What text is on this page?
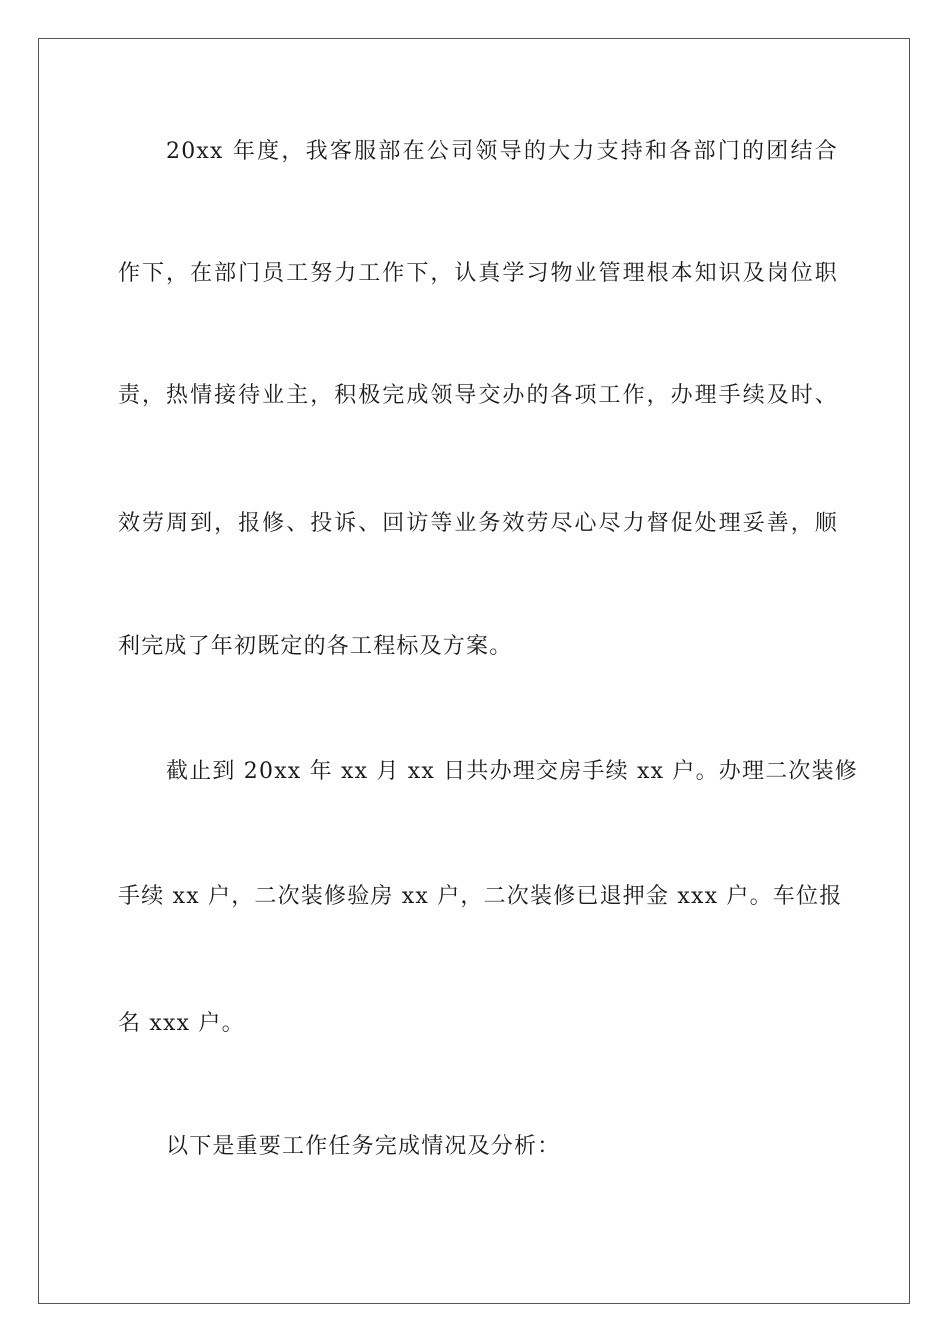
20xx 年度，我客服部在公司领导的大力支持和各部门的团结合
作下，在部门员工努力工作下，认真学习物业管理根本知识及岗位职
责，热情接待业主，积极完成领导交办的各项工作，办理手续及时、
效劳周到，报修、投诉、回访等业务效劳尽心尽力督促处理妥善，顺
利完成了年初既定的各工程标及方案。
截止到 20xx 年 xx 月 xx 日共办理交房手续 xx 户。办理二次装修
手续 xx 户，二次装修验房 xx 户，二次装修已退押金 xxx 户。车位报
名 xxx 户。
以下是重要工作任务完成情况及分析：
